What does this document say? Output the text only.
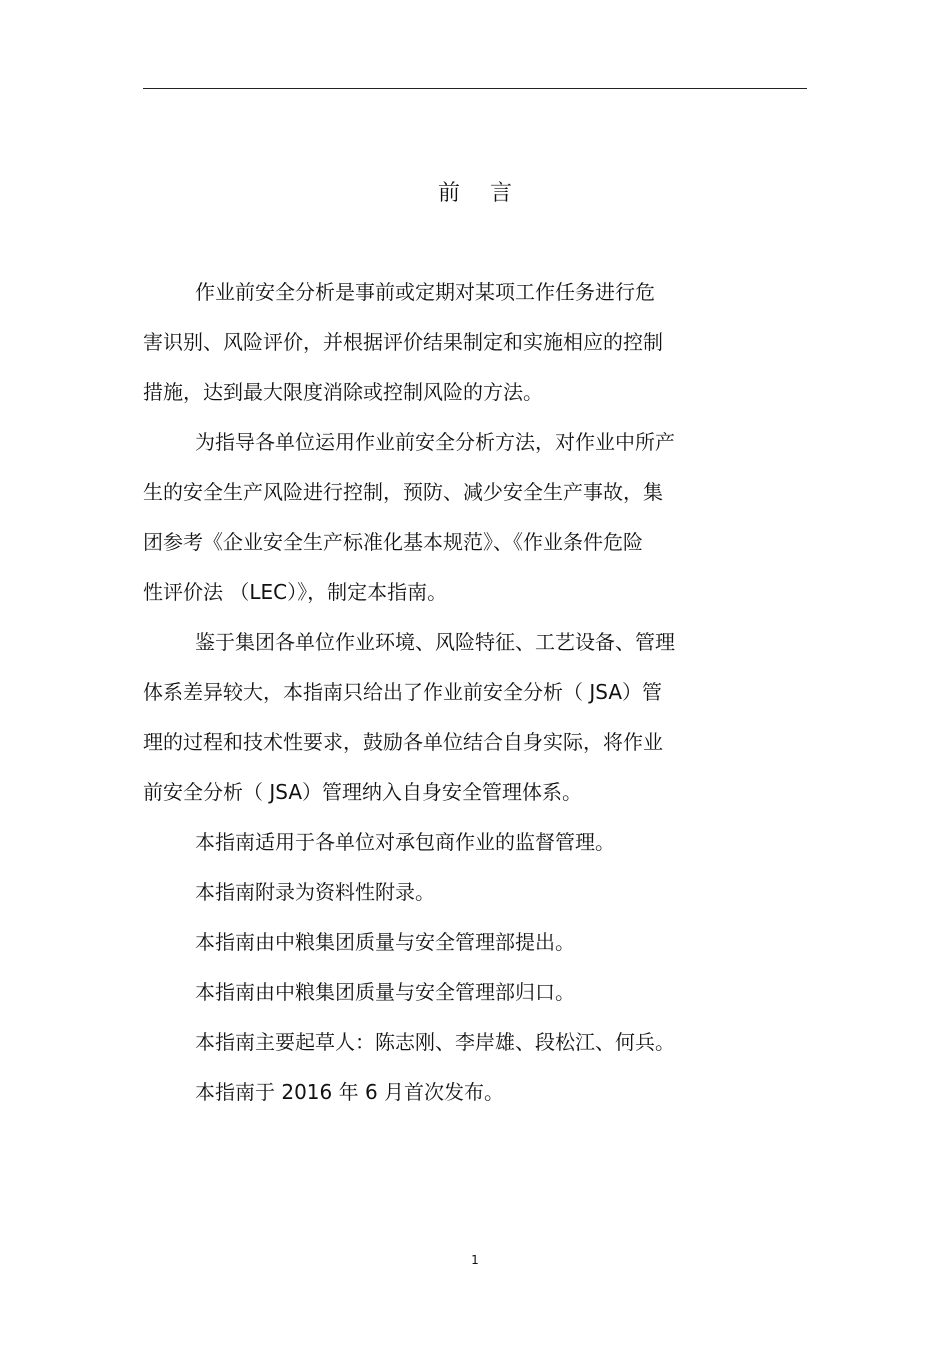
前 言
作业前安全分析是事前或定期对某项工作任务进行危
害识别、风险评价，并根据评价结果制定和实施相应的控制
措施，达到最大限度消除或控制风险的方法。
为指导各单位运用作业前安全分析方法，对作业中所产
生的安全生产风险进行控制，预防、减少安全生产事故，集
团参考《企业安全生产标准化基本规范》、《作业条件危险
性评价法 （LEC）》，制定本指南。
鉴于集团各单位作业环境、风险特征、工艺设备、管理
体系差异较大，本指南只给出了作业前安全分析（ JSA）管
理的过程和技术性要求，鼓励各单位结合自身实际，将作业
前安全分析（ JSA）管理纳入自身安全管理体系。
本指南适用于各单位对承包商作业的监督管理。
本指南附录为资料性附录。
本指南由中粮集团质量与安全管理部提出。
本指南由中粮集团质量与安全管理部归口。
本指南主要起草人：陈志刚、李岸雄、段松江、何兵。
本指南于 2016 年 6 月首次发布。
1
